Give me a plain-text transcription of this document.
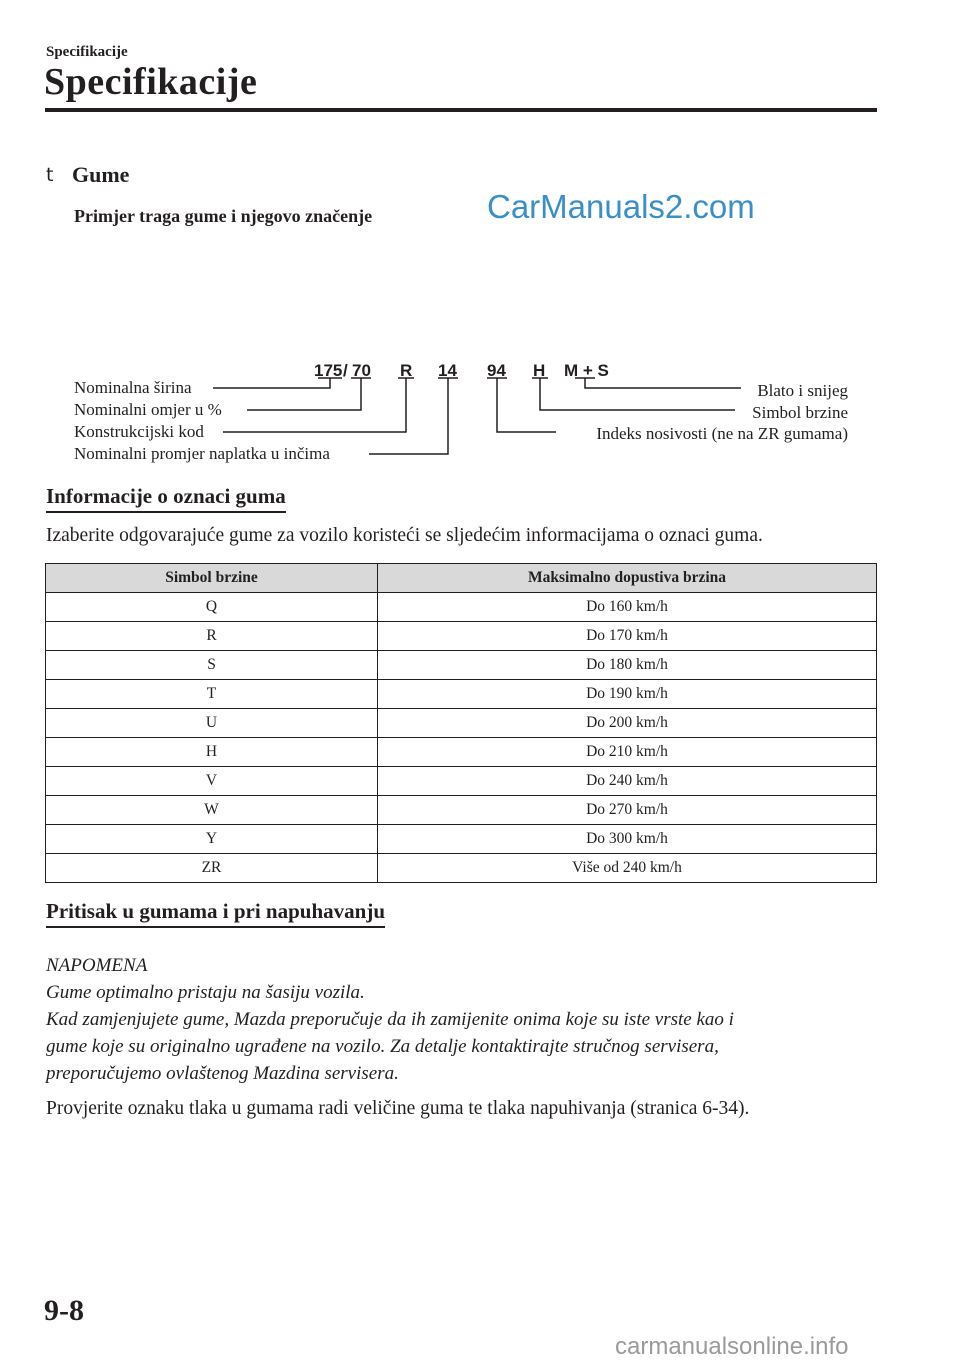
Specifikacije
Specifikacije
t Gume
Primjer traga gume i njegovo značenje	CarManuals2.com
175 / 70 R 14 94 H M + S
Nominalna širina
Nominalni omjer u %
Konstrukcijski kod
Nominalni promjer naplatka u inčima
Blato i snijeg
Simbol brzine
Indeks nosivosti (ne na ZR gumama)
Informacije o oznaci guma
Izaberite odgovarajuće gume za vozilo koristeći se sljedećim informacijama o oznaci guma.
Simbol brzine	Maksimalno dopustiva brzina
Q	Do 160 km/h
R	Do 170 km/h
S	Do 180 km/h
T	Do 190 km/h
U	Do 200 km/h
H	Do 210 km/h
V	Do 240 km/h
W	Do 270 km/h
Y	Do 300 km/h
ZR	Više od 240 km/h
Pritisak u gumama i pri napuhavanju
NAPOMENA
Gume optimalno pristaju na šasiju vozila.
Kad zamjenjujete gume, Mazda preporučuje da ih zamijenite onima koje su iste vrste kao i
gume koje su originalno ugrađene na vozilo. Za detalje kontaktirajte stručnog servisera,
preporučujemo ovlaštenog Mazdina servisera.
Provjerite oznaku tlaka u gumama radi veličine guma te tlaka napuhivanja (stranica 6-34).
9-8
carmanualsonline.info
